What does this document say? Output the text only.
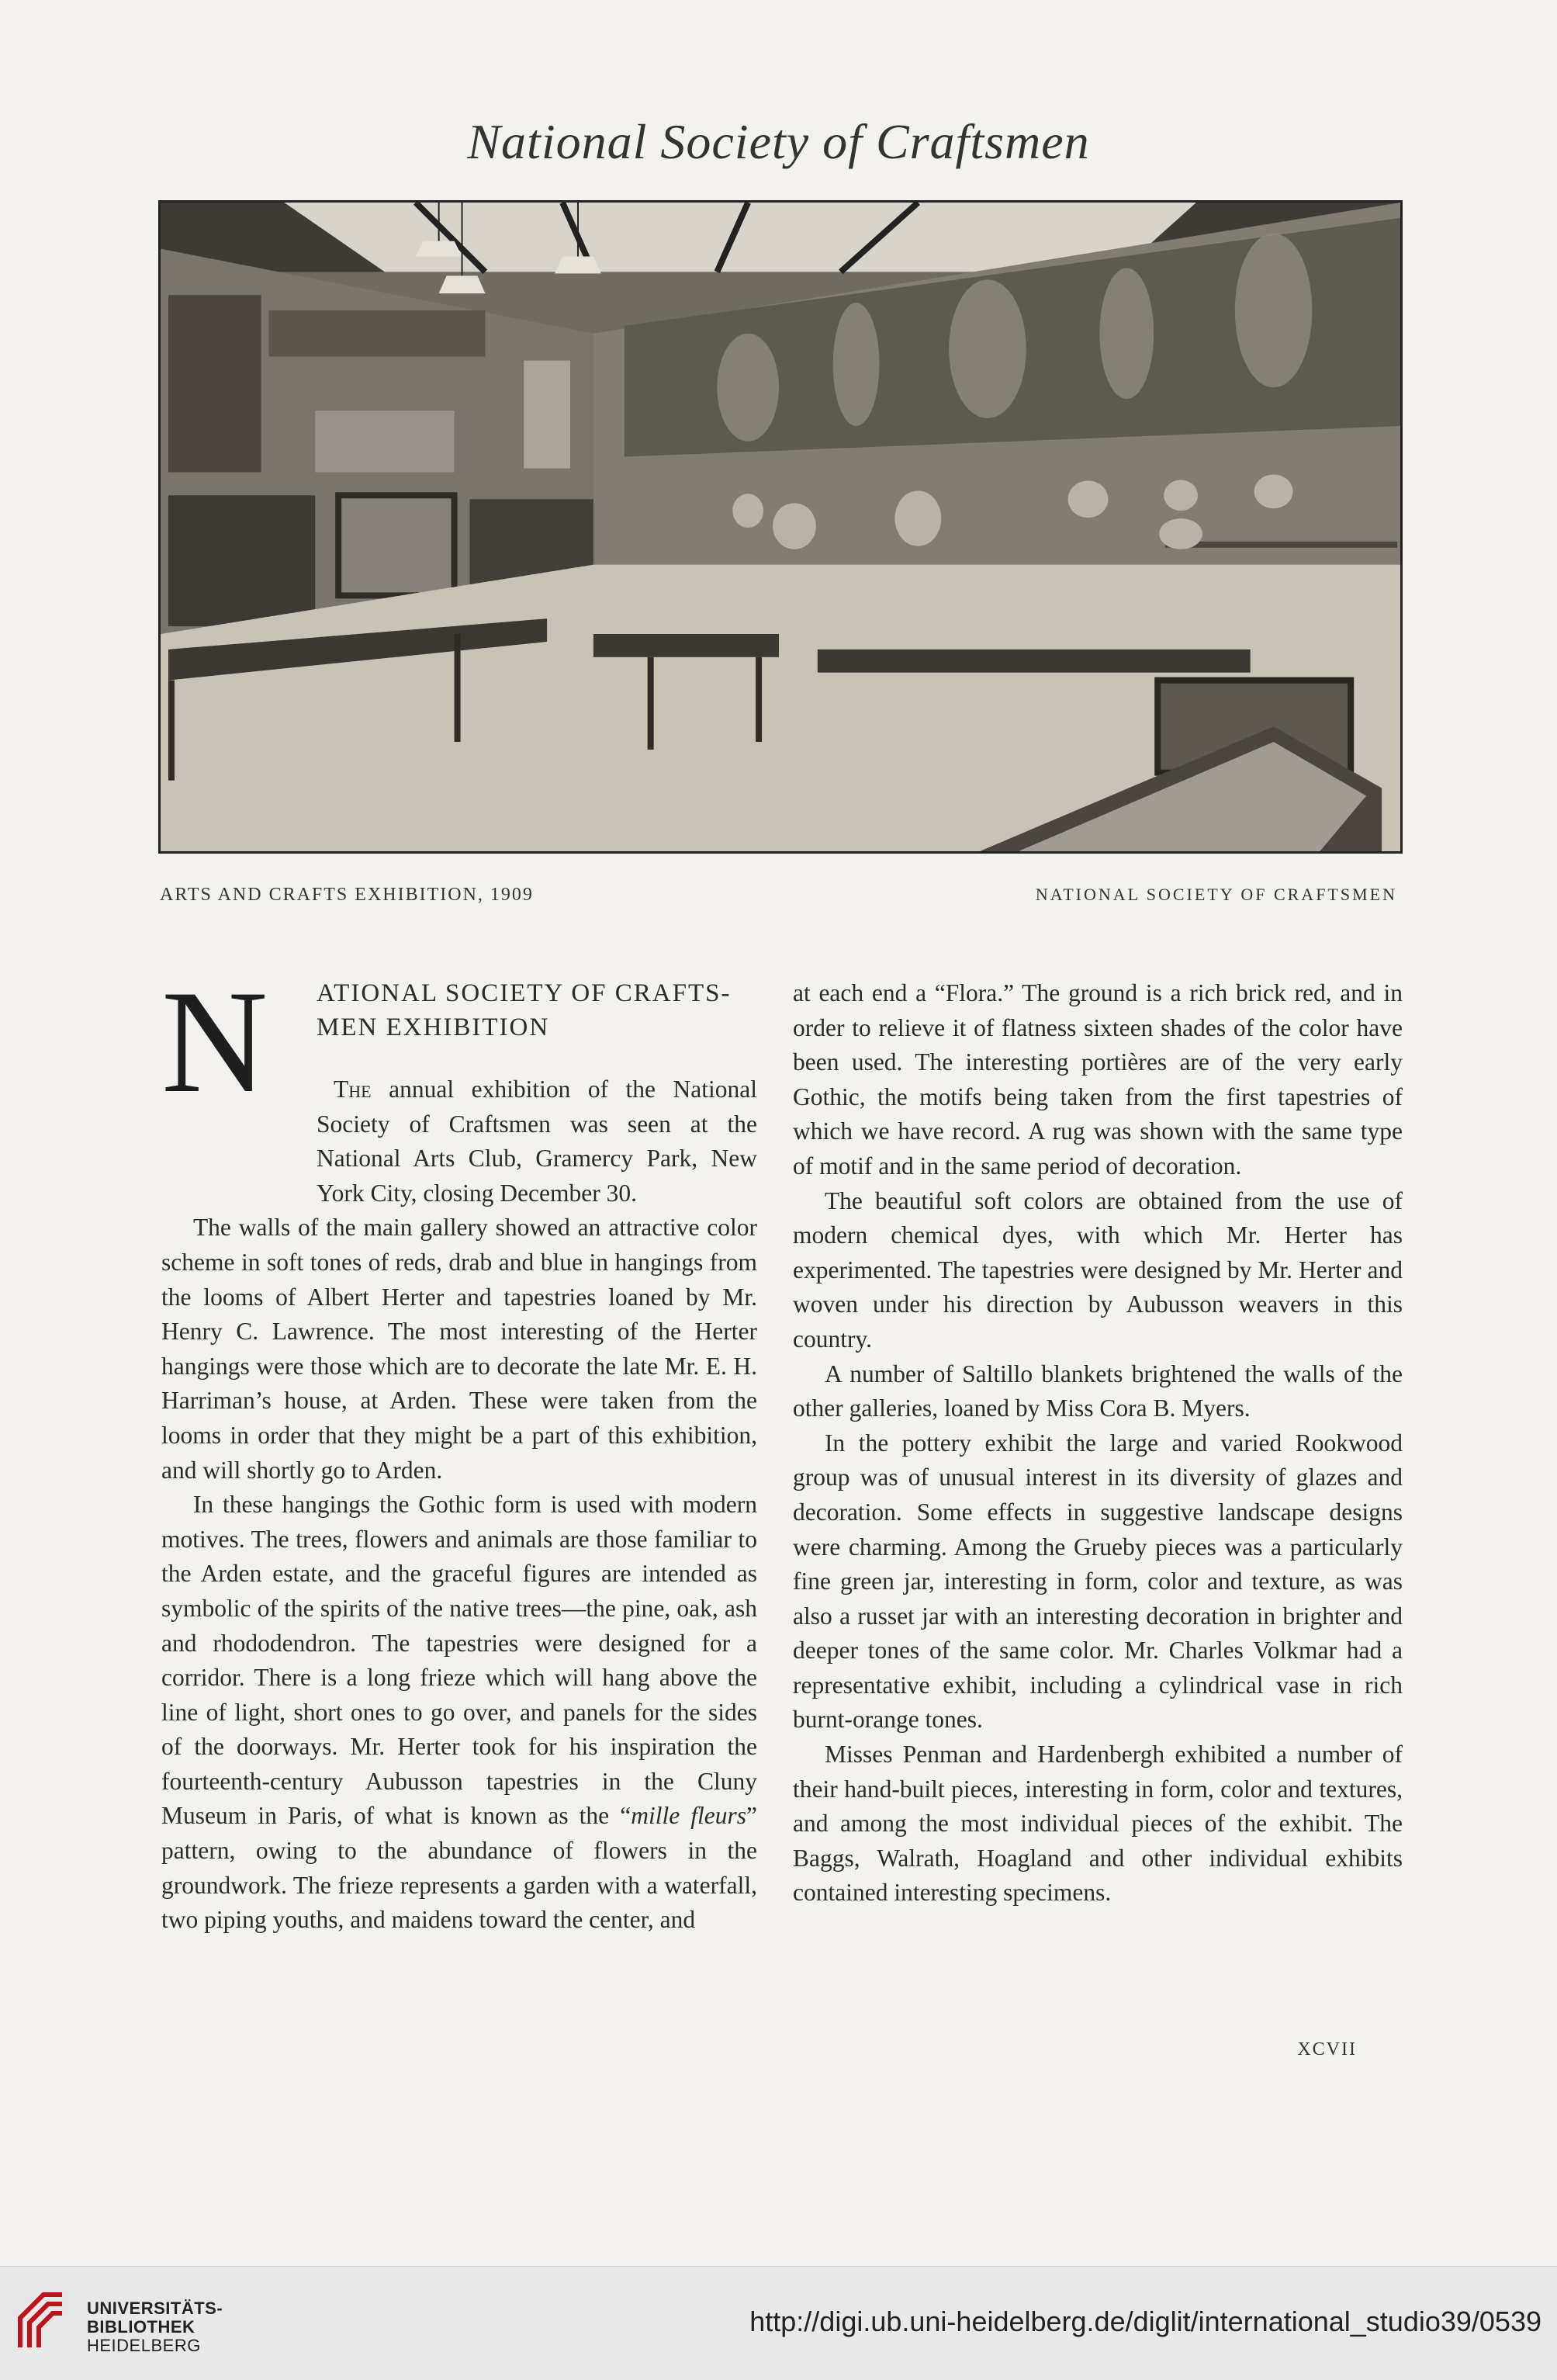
National Society of Craftsmen
ARTS AND CRAFTS EXHIBITION, 1909	NATIONAL SOCIETY OF CRAFTSMEN
N ATIONAL SOCIETY OF CRAFTS-
MEN EXHIBITION

The annual exhibition of the National Society of Craftsmen was seen at the National Arts Club, Gramercy Park, New York City, closing December 30.

The walls of the main gallery showed an attractive color scheme in soft tones of reds, drab and blue in hangings from the looms of Albert Herter and tapestries loaned by Mr. Henry C. Lawrence. The most interesting of the Herter hangings were those which are to decorate the late Mr. E. H. Harriman’s house, at Arden. These were taken from the looms in order that they might be a part of this exhibition, and will shortly go to Arden.

In these hangings the Gothic form is used with modern motives. The trees, flowers and animals are those familiar to the Arden estate, and the graceful figures are intended as symbolic of the spirits of the native trees—the pine, oak, ash and rhododendron. The tapestries were designed for a corridor. There is a long frieze which will hang above the line of light, short ones to go over, and panels for the sides of the doorways. Mr. Herter took for his inspiration the fourteenth-century Aubusson tapestries in the Cluny Museum in Paris, of what is known as the “mille fleurs” pattern, owing to the abundance of flowers in the groundwork. The frieze represents a garden with a waterfall, two piping youths, and maidens toward the center, and

at each end a “Flora.” The ground is a rich brick red, and in order to relieve it of flatness sixteen shades of the color have been used. The interesting portières are of the very early Gothic, the motifs being taken from the first tapestries of which we have record. A rug was shown with the same type of motif and in the same period of decoration.

The beautiful soft colors are obtained from the use of modern chemical dyes, with which Mr. Herter has experimented. The tapestries were designed by Mr. Herter and woven under his direction by Aubusson weavers in this country.

A number of Saltillo blankets brightened the walls of the other galleries, loaned by Miss Cora B. Myers.

In the pottery exhibit the large and varied Rookwood group was of unusual interest in its diversity of glazes and decoration. Some effects in suggestive landscape designs were charming. Among the Grueby pieces was a particularly fine green jar, interesting in form, color and texture, as was also a russet jar with an interesting decoration in brighter and deeper tones of the same color. Mr. Charles Volkmar had a representative exhibit, including a cylindrical vase in rich burnt-orange tones.

Misses Penman and Hardenbergh exhibited a number of their hand-built pieces, interesting in form, color and textures, and among the most individual pieces of the exhibit. The Baggs, Walrath, Hoagland and other individual exhibits contained interesting specimens.

XCVII
UNIVERSITÄTS-
BIBLIOTHEK
HEIDELBERG
http://digi.ub.uni-heidelberg.de/diglit/international_studio39/0539
